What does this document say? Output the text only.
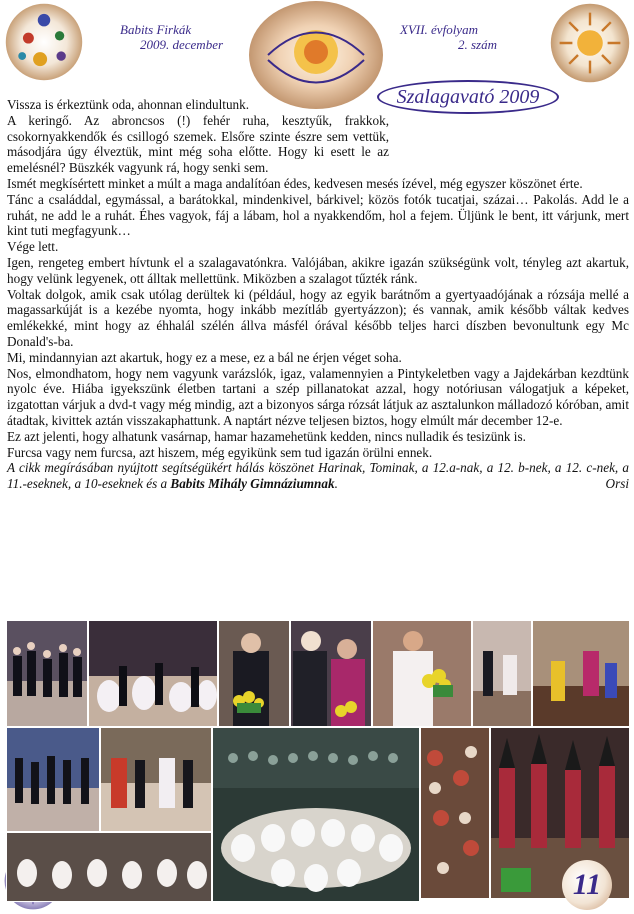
Babits Firkák
2009. december
XVII. évfolyam
2. szám
Szalagavató 2009

Vissza is érkeztünk oda, ahonnan elindultunk.

A keringő. Az abroncsos (!) fehér ruha, kesztyűk, frakkok, csokornyakkendők és csillogó szemek. Elsőre szinte észre sem vettük, másodjára úgy élveztük, mint még soha előtte. Hogy ki esett le az emelésnél? Büszkék vagyunk rá, hogy senki sem.

Ismét megkísértett minket a múlt a maga andalítóan édes, kedvesen mesés ízével, még egyszer köszönet érte.

Tánc a családdal, egymással, a barátokkal, mindenkivel, bárkivel; közös fotók tucatjai, százai… Pakolás. Add le a ruhát, ne add le a ruhát. Éhes vagyok, fáj a lábam, hol a nyakkendőm, hol a fejem. Üljünk le bent, itt várjunk, mert kint tuti megfagyunk…

Vége lett.

Igen, rengeteg embert hívtunk el a szalagavatónkra. Valójában, akikre igazán szükségünk volt, tényleg azt akartuk, hogy velünk legyenek, ott álltak mellettünk. Miközben a szalagot tűzték ránk.

Voltak dolgok, amik csak utólag derültek ki (például, hogy az egyik barátnőm a gyertyaadójának a rózsája mellé a magassarkúját is a kezébe nyomta, hogy inkább mezítláb gyertyázzon); és vannak, amik később váltak kedves emlékekké, mint hogy az éhhalál szélén állva másfél órával később teljes harci díszben bevonultunk egy Mc Donald's-ba.

Mi, mindannyian azt akartuk, hogy ez a mese, ez a bál ne érjen véget soha.

Nos, elmondhatom, hogy nem vagyunk varázslók, igaz, valamennyien a Pintykeletben vagy a Jajdekárban kezdtünk nyolc éve. Hiába igyekszünk életben tartani a szép pillanatokat azzal, hogy notóriusan válogatjuk a képeket, izgatottan várjuk a dvd-t vagy még mindig, azt a bizonyos sárga rózsát látjuk az asztalunkon málladozó kóróban, amit átadtak, kivittek aztán visszakaphattunk. A naptárt nézve teljesen biztos, hogy elmúlt már december 12-e.

Ez azt jelenti, hogy alhatunk vasárnap, hamar hazamehetünk kedden, nincs nulladik és tesizünk is.

Furcsa vagy nem furcsa, azt hiszem, még egyikünk sem tud igazán örülni ennek.

A cikk megírásában nyújtott segítségükért hálás köszönet Harinak, Tominak, a 12.a-nak, a 12. b-nek, a 12. c-nek, a 11.-eseknek, a 10-eseknek és a Babits Mihály Gimnáziumnak.	Orsi

11
